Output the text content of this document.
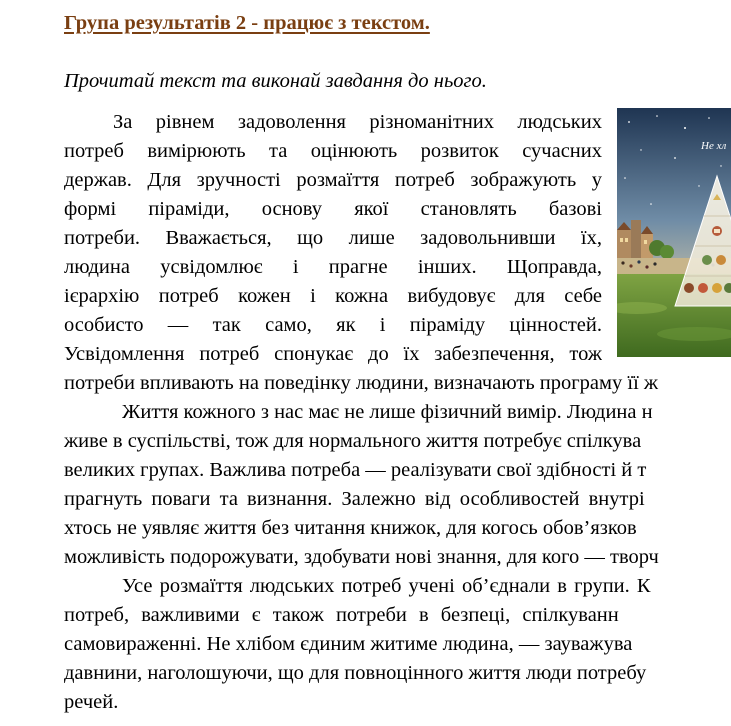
Група результатів 2 - працює з текстом.

Прочитай текст та виконай завдання до нього.

За рівнем задоволення різноманітних людських

потреб вимірюють та оцінюють розвиток сучасних

держав. Для зручності розмаїття потреб зображують у

формі піраміди, основу якої становлять базові

потреби. Вважається, що лише задовольнивши їх,

людина усвідомлює і прагне інших. Щоправда,

ієрархію потреб кожен і кожна вибудовує для себе

особисто — так само, як і піраміду цінностей.

Усвідомлення потреб спонукає до їх забезпечення, тож

потреби впливають на поведінку людини, визначають програму її ж

Життя кожного з нас має не лише фізичний вимір. Людина н

живе в суспільстві, тож для нормального життя потребує спілкува

великих групах. Важлива потреба — реалізувати свої здібності й т

прагнуть поваги та визнання. Залежно від особливостей внутрі

хтось не уявляє життя без читання книжок, для когось обов’язков

можливість подорожувати, здобувати нові знання, для кого — творч

Усе розмаїття людських потреб учені об’єднали в групи. К

потреб, важливими є також потреби в безпеці, спілкуванн

самовираженні. Не хлібом єдиним житиме людина, — зауважува

давнини, наголошуючи, що для повноцінного життя люди потребу

речей.

Не хл
